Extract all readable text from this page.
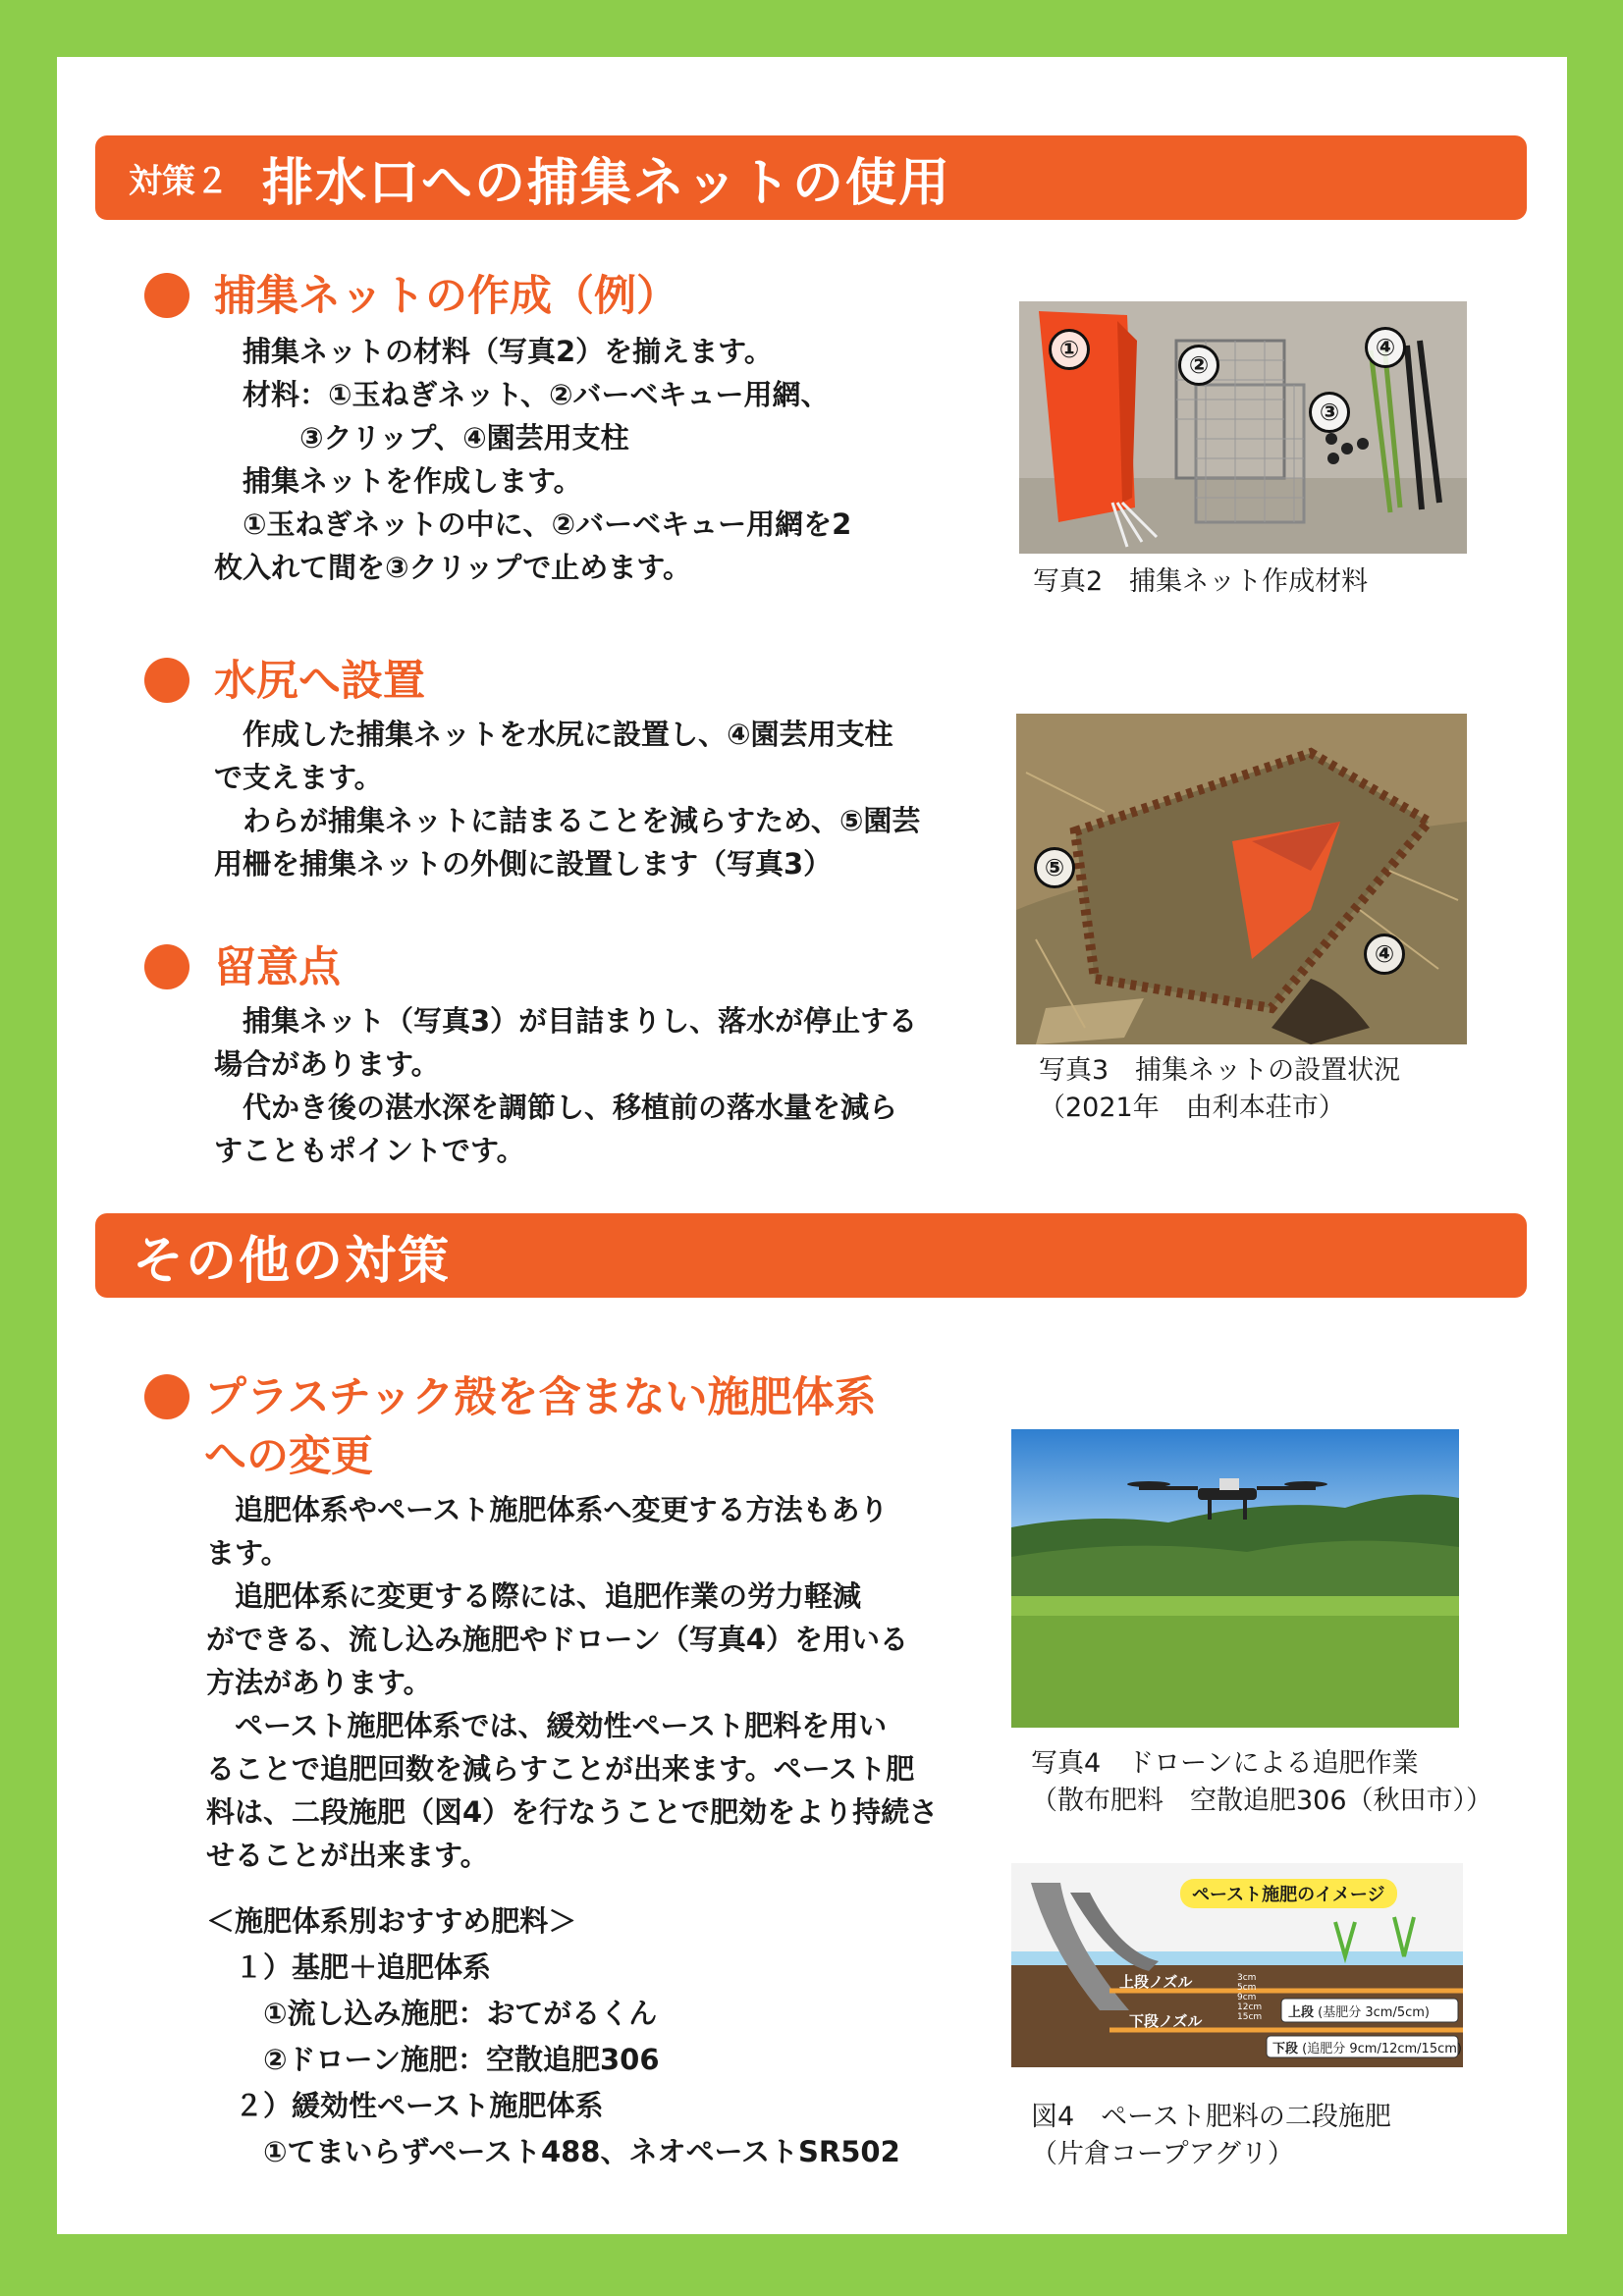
対策２ 排水口への捕集ネットの使用
捕集ネットの作成（例）
　捕集ネットの材料（写真2）を揃えます。
　材料：①玉ねぎネット、②バーベキュー用網、
　　　③クリップ、④園芸用支柱
　捕集ネットを作成します。
　①玉ねぎネットの中に、②バーベキュー用網を2
枚入れて間を③クリップで止めます。
①
②
③
④
写真2　捕集ネット作成材料
水尻へ設置
　作成した捕集ネットを水尻に設置し、④園芸用支柱
で支えます。
　わらが捕集ネットに詰まることを減らすため、⑤園芸
用柵を捕集ネットの外側に設置します（写真3）	⑤
④
写真3　捕集ネットの設置状況
（2021年　由利本荘市）
留意点
　捕集ネット（写真3）が目詰まりし、落水が停止する
場合があります。
　代かき後の湛水深を調節し、移植前の落水量を減ら
すこともポイントです。
その他の対策
プラスチック殻を含まない施肥体系
への変更
　追肥体系やペースト施肥体系へ変更する方法もあり
ます。
　追肥体系に変更する際には、追肥作業の労力軽減
ができる、流し込み施肥やドローン（写真4）を用いる
方法があります。
　ペースト施肥体系では、緩効性ペースト肥料を用い
ることで追肥回数を減らすことが出来ます。ペースト肥
料は、二段施肥（図4）を行なうことで肥効をより持続さ
せることが出来ます。
＜施肥体系別おすすめ肥料＞
　１）基肥＋追肥体系
　　①流し込み施肥：おてがるくん
　　②ドローン施肥：空散追肥306
　２）緩効性ペースト施肥体系
　　①てまいらずペースト488、ネオペーストSR502
写真4　ドローンによる追肥作業
（散布肥料　空散追肥306（秋田市））
ペースト施肥のイメージ
上段ノズル
下段ノズル
3cm
5cm
9cm
12cm
15cm 上段 (基肥分 3cm/5cm)
下段 (追肥分 9cm/12cm/15cm)
図4　ペースト肥料の二段施肥
（片倉コープアグリ）
